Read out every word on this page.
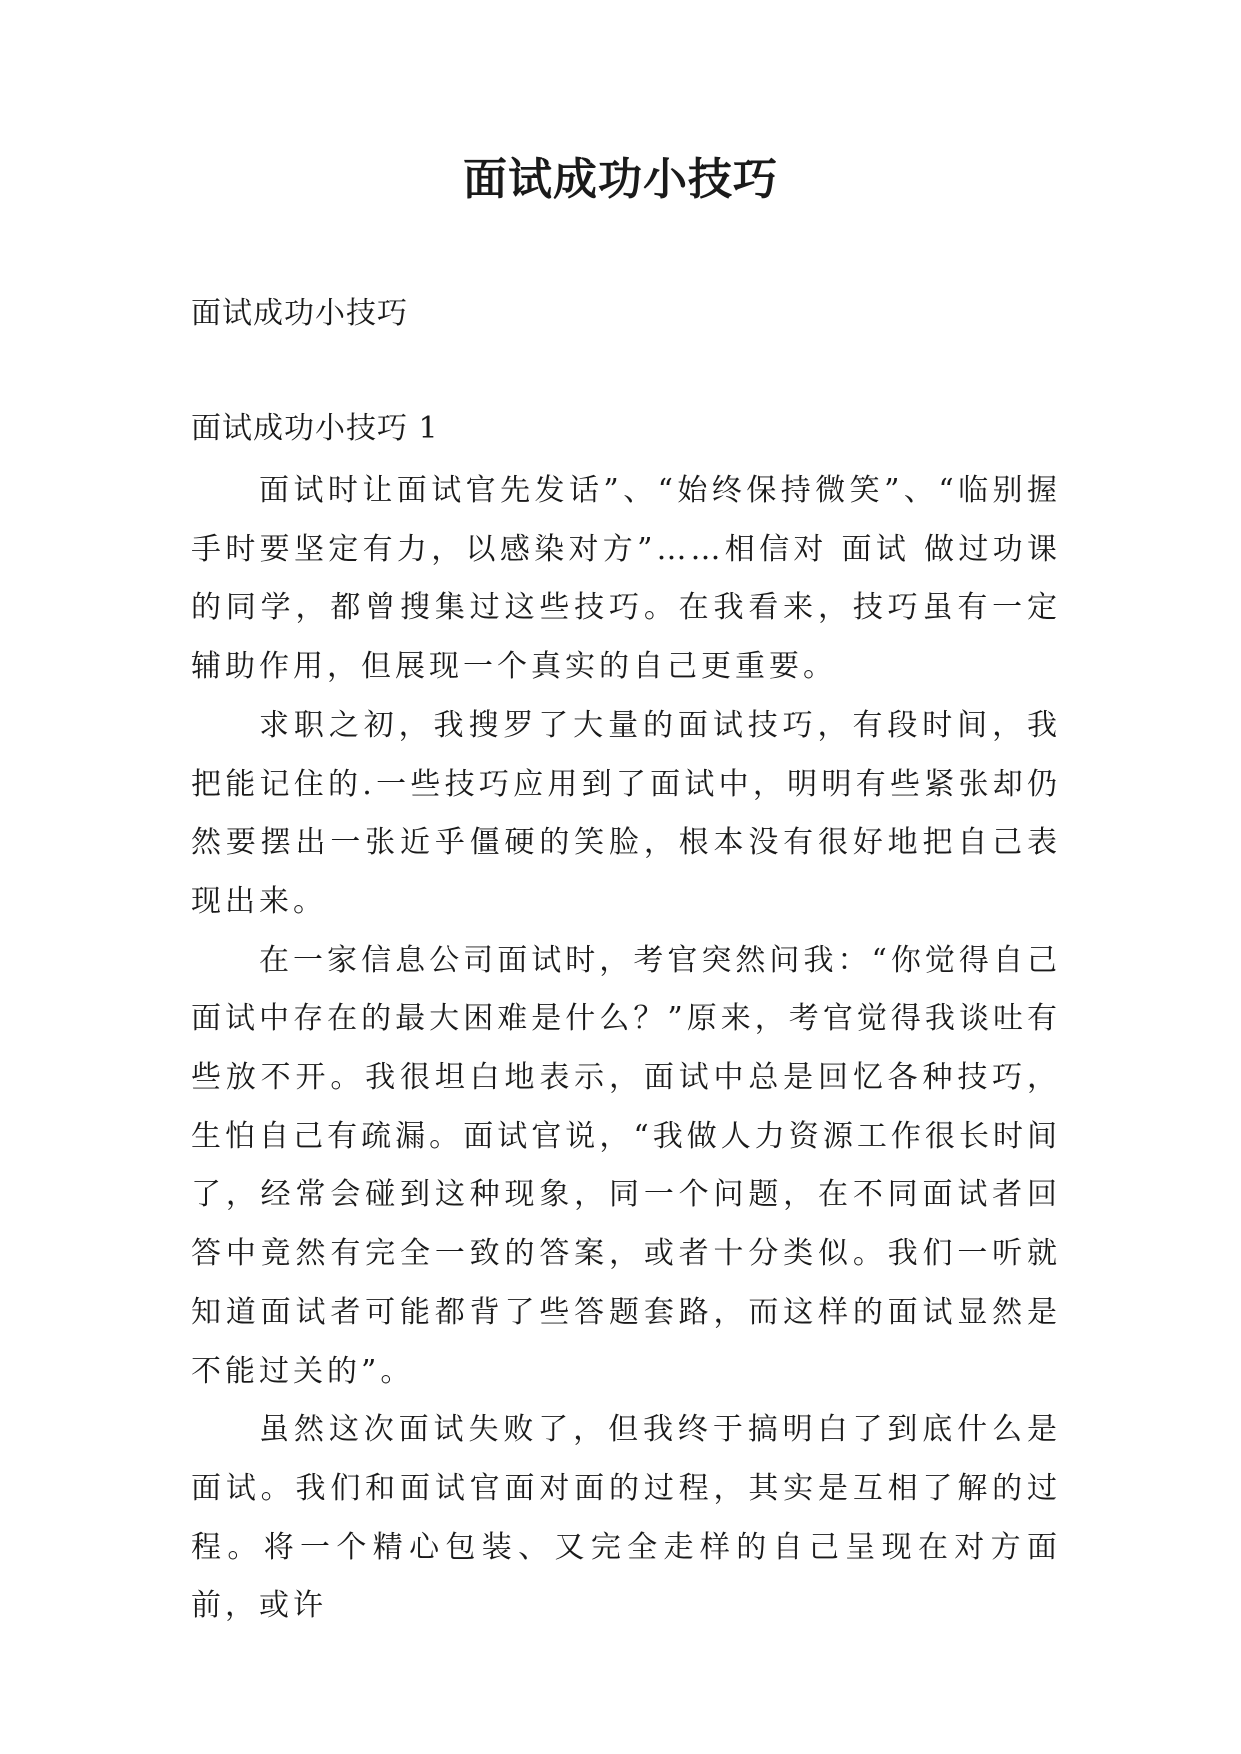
面试成功小技巧
面试成功小技巧
面试成功小技巧 1

面试时让面试官先发话”、“始终保持微笑”、“临别握手时要坚定有力，以感染对方”……相信对 面试 做过功课的同学，都曾搜集过这些技巧。在我看来，技巧虽有一定辅助作用，但展现一个真实的自己更重要。

求职之初，我搜罗了大量的面试技巧，有段时间，我把能记住的.一些技巧应用到了面试中，明明有些紧张却仍然要摆出一张近乎僵硬的笑脸，根本没有很好地把自己表现出来。

在一家信息公司面试时，考官突然问我：“你觉得自己面试中存在的最大困难是什么？”原来，考官觉得我谈吐有些放不开。我很坦白地表示，面试中总是回忆各种技巧，生怕自己有疏漏。面试官说，“我做人力资源工作很长时间了，经常会碰到这种现象，同一个问题，在不同面试者回答中竟然有完全一致的答案，或者十分类似。我们一听就知道面试者可能都背了些答题套路，而这样的面试显然是不能过关的”。

虽然这次面试失败了，但我终于搞明白了到底什么是面试。我们和面试官面对面的过程，其实是互相了解的过程。将一个精心包装、又完全走样的自己呈现在对方面前，或许
